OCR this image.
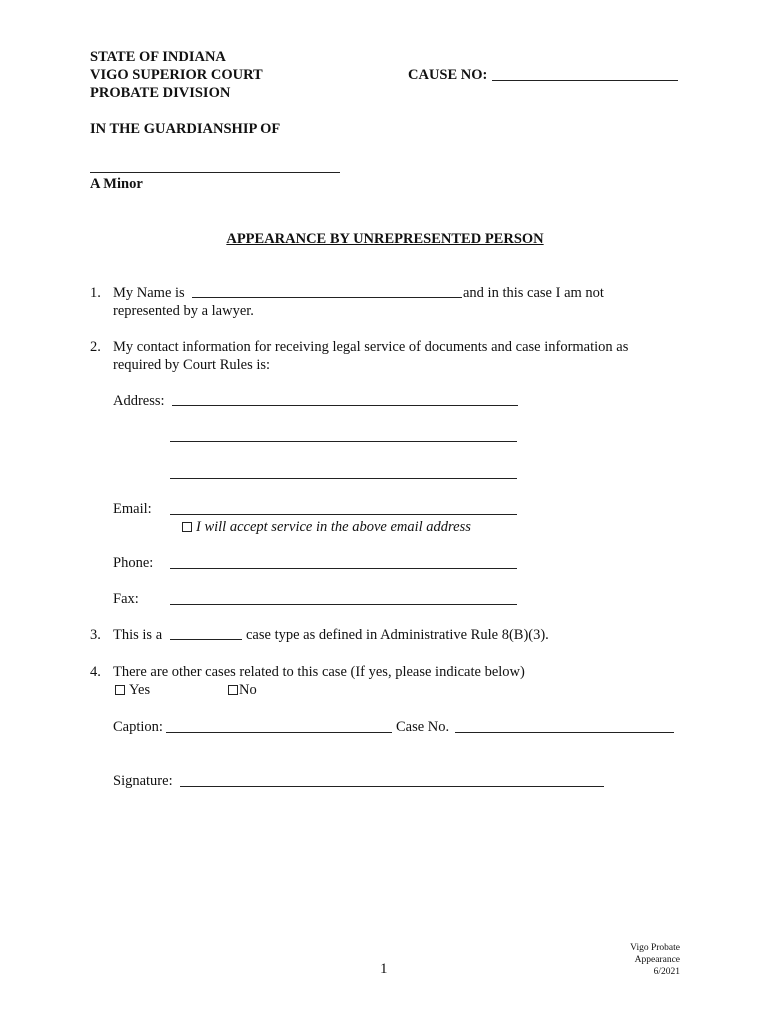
STATE OF INDIANA
VIGO SUPERIOR COURT
PROBATE DIVISION
CAUSE NO:
IN THE GUARDIANSHIP OF
A Minor
APPEARANCE BY UNREPRESENTED PERSON
1. My Name is	and in this case I am not
represented by a lawyer.
2. My contact information for receiving legal service of documents and case information as
required by Court Rules is:
Address:
Email:
I will accept service in the above email address
Phone:
Fax:
3. This is a	case type as defined in Administrative Rule 8(B)(3).
4. There are other cases related to this case (If yes, please indicate below)
Yes	No
Caption:	Case No.
Signature:
1
Vigo Probate
Appearance
6/2021
